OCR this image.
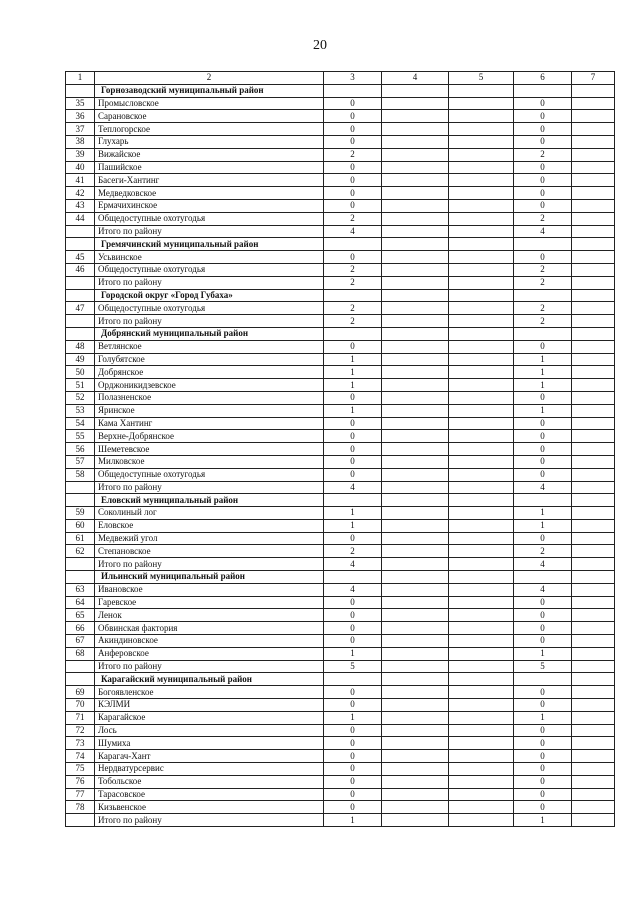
20
1	2	3	4	5	6	7
	Горнозаводский муниципальный район					
35	Промысловское	0			0	
36	Сарановское	0			0	
37	Теплогорское	0			0	
38	Глухарь	0			0	
39	Вижайское	2			2	
40	Пашийское	0			0	
41	Басеги-Хантинг	0			0	
42	Медведковское	0			0	
43	Ермачихинское	0			0	
44	Общедоступные охотугодья	2			2	
	Итого по району	4			4	
	Гремячинский муниципальный район					
45	Усьвинское	0			0	
46	Общедоступные охотугодья	2			2	
	Итого по району	2			2	
	Городской округ «Город Губаха»					
47	Общедоступные охотугодья	2			2	
	Итого по району	2			2	
	Добрянский муниципальный район					
48	Ветлянское	0			0	
49	Голубятское	1			1	
50	Добрянское	1			1	
51	Орджоникидзевское	1			1	
52	Полазненское	0			0	
53	Яринское	1			1	
54	Кама Хантинг	0			0	
55	Верхне-Добрянское	0			0	
56	Шеметевское	0			0	
57	Милковское	0			0	
58	Общедоступные охотугодья	0			0	
	Итого по району	4			4	
	Еловский муниципальный район					
59	Соколиный лог	1			1	
60	Еловское	1			1	
61	Медвежий угол	0			0	
62	Степановское	2			2	
	Итого по району	4			4	
	Ильинский муниципальный район					
63	Ивановское	4			4	
64	Гаревское	0			0	
65	Ленок	0			0	
66	Обвинская фактория	0			0	
67	Акиндиновское	0			0	
68	Анферовское	1			1	
	Итого по району	5			5	
	Карагайский муниципальный район					
69	Богоявленское	0			0	
70	КЭЛМИ	0			0	
71	Карагайское	1			1	
72	Лось	0			0	
73	Шумиха	0			0	
74	Карагач-Хант	0			0	
75	Нердватурсервис	0			0	
76	Тобольское	0			0	
77	Тарасовское	0			0	
78	Кизьвенское	0			0	
	Итого по району	1			1	
